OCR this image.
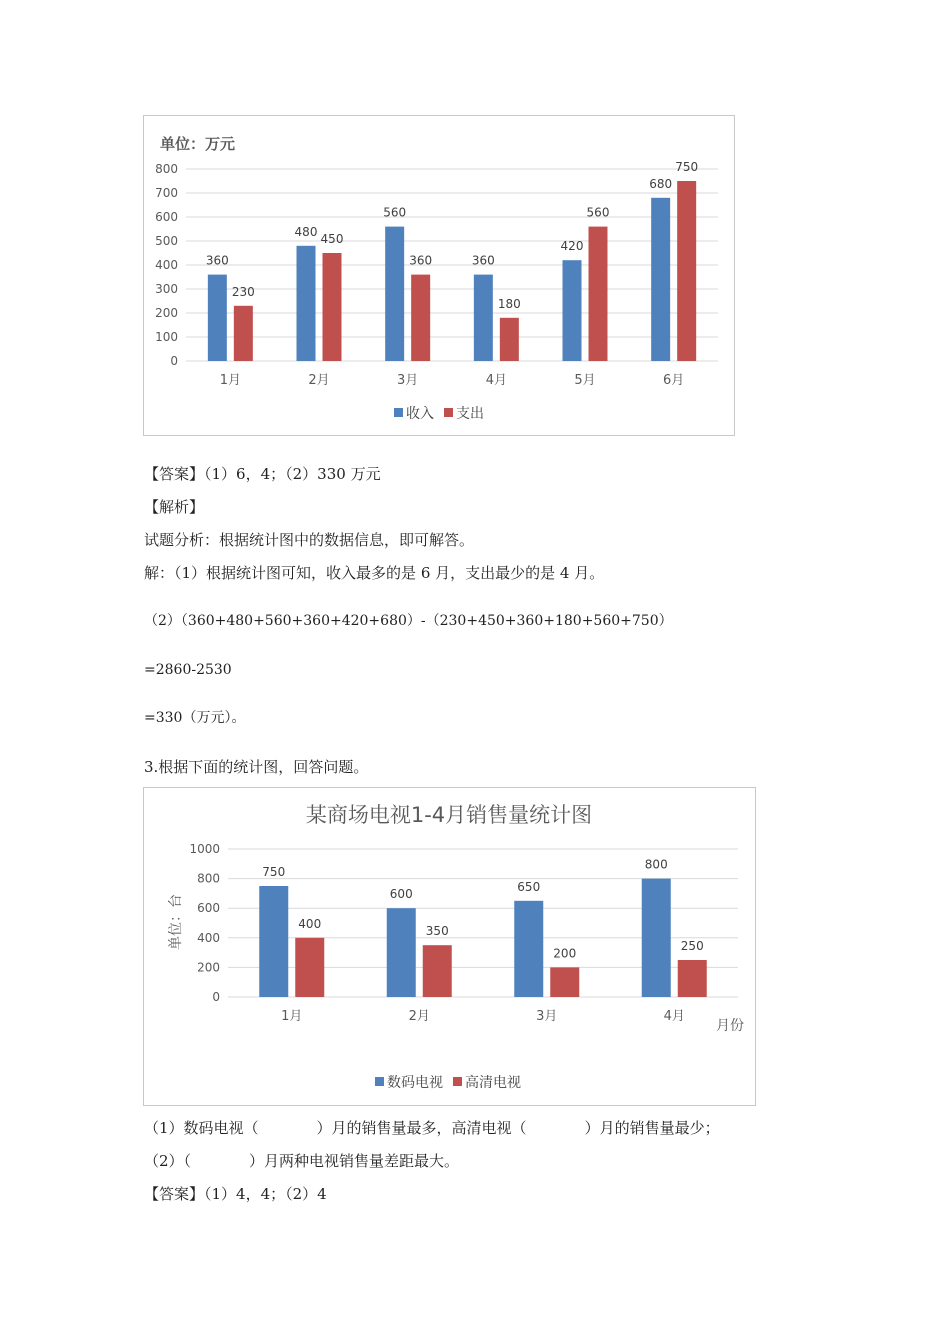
单位：万元
0
100
200
300
400
500
600
700
800
1月	2月	3月	4月	5月	6月
360
230
480
450
560
360	360
180
420
560
680
750
收入 支出
【答案】（1）6，4；（2）330 万元
【解析】
试题分析：根据统计图中的数据信息，即可解答。
解：（1）根据统计图可知，收入最多的是 6 月，支出最少的是 4 月。
（2）（360+480+560+360+420+680）-（230+450+360+180+560+750）
=2860-2530
=330（万元）。
3.根据下面的统计图，回答问题。
某商场电视1-4月销售量统计图
单位：台
0
200
400
600
800
1000
1月	2月	3月	4月
月份
750
400
600
350
650
200
800
250
数码电视 高清电视
（1）数码电视（	）月的销售量最多，高清电视（	）月的销售量最少；
（2）（	）月两种电视销售量差距最大。
【答案】（1）4，4；（2）4
